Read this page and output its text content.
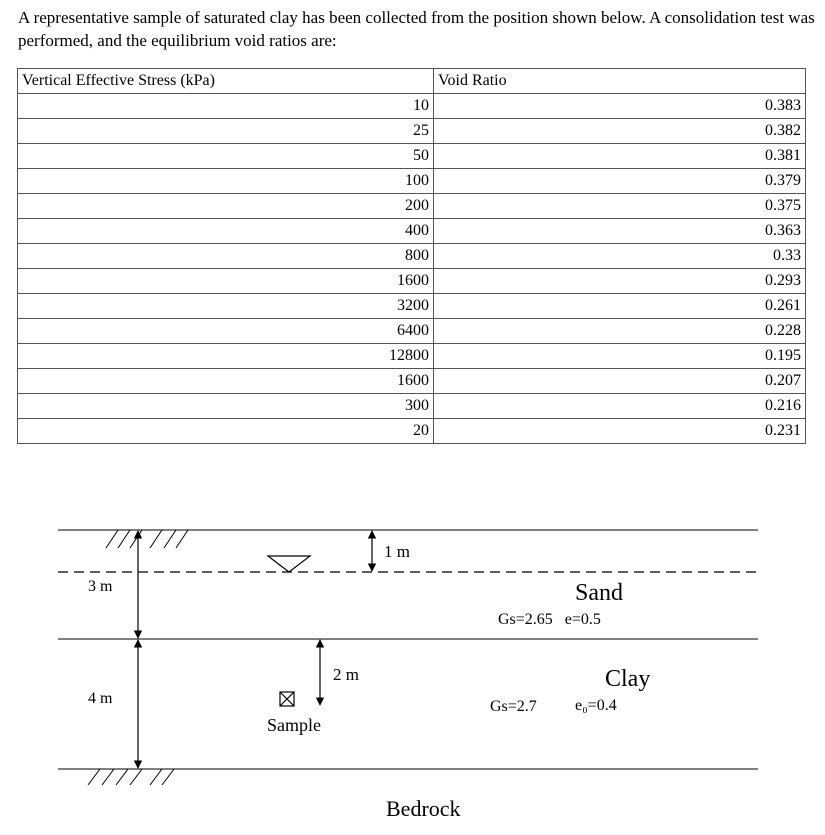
A representative sample of saturated clay has been collected from the position shown below. A consolidation test was performed, and the equilibrium void ratios are:

Vertical Effective Stress (kPa)	Void Ratio
10	0.383
25	0.382
50	0.381
100	0.379
200	0.375
400	0.363
800	0.33
1600	0.293
3200	0.261
6400	0.228
12800	0.195
1600	0.207
300	0.216
20	0.231
1 m
3 m	Sand
Gs=2.65   e=0.5
4 m
2 m
Sample
Clay
Gs=2.7 e₀=0.4
Bedrock
